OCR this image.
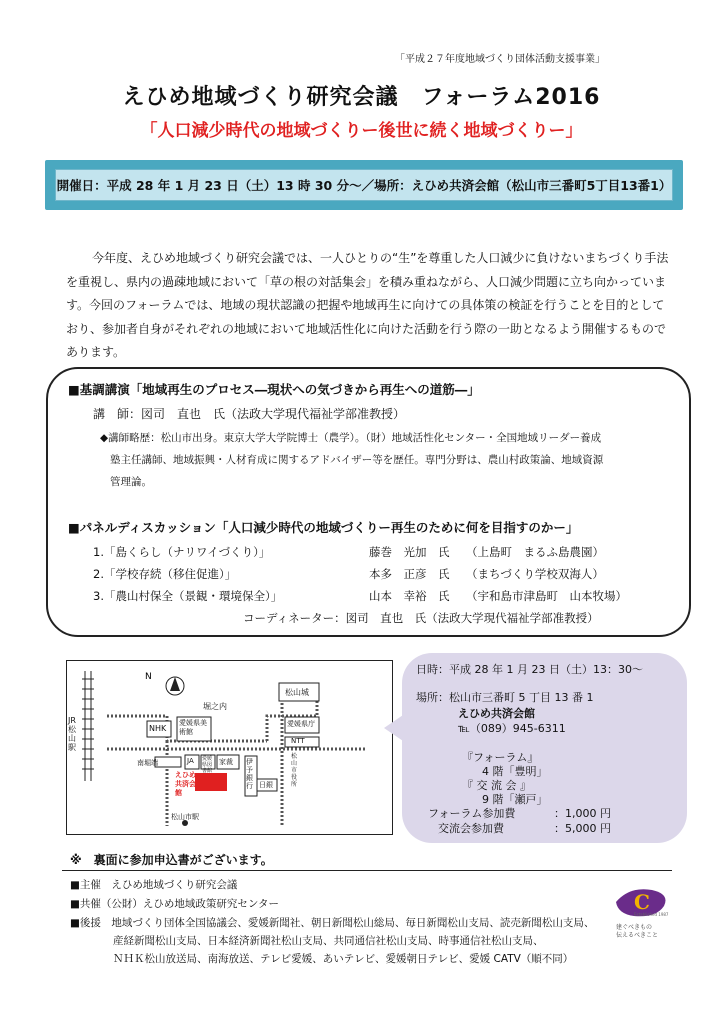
「平成２７年度地域づくり団体活動支援事業」
えひめ地域づくり研究会議　フォーラム2016
「人口減少時代の地域づくりー後世に続く地域づくりー」
開催日：平成 28 年 1 月 23 日（土）13 時 30 分～／場所：えひめ共済会館（松山市三番町5丁目13番1）
今年度、えひめ地域づくり研究会議では、一人ひとりの“生”を尊重した人口減少に負けないまちづくり手法を重視し、県内の過疎地域において「草の根の対話集会」を積み重ねながら、人口減少問題に立ち向かっています。今回のフォーラムでは、地域の現状認識の把握や地域再生に向けての具体策の検証を行うことを目的としており、参加者自身がそれぞれの地域において地域活性化に向けた活動を行う際の一助となるよう開催するものであります。
■基調講演「地域再生のプロセス―現状への気づきから再生への道筋―」
講　師：図司　直也　氏（法政大学現代福祉学部准教授）
◆講師略歴：松山市出身。東京大学大学院博士（農学）。（財）地域活性化センター・全国地域リーダー養成
塾主任講師、地域振興・人材育成に関するアドバイザー等を歴任。専門分野は、農山村政策論、地域資源
管理論。
■パネルディスカッション「人口減少時代の地域づくりー再生のために何を目指すのかー」
1.「島くらし（ナリワイづくり）」	藤巻　光加　氏 （上島町　まるふ島農園）
2.「学校存続（移住促進）」	本多　正彦　氏 （まちづくり学校双海人）
3.「農山村保全（景観・環境保全）」	山本　幸裕　氏 （宇和島市津島町　山本牧場）
コーディネーター：図司　直也　氏（法政大学現代福祉学部准教授）
N
JR松山駅
松山城
堀之内
NHK
愛媛県美術館
愛媛県庁
NTT
南堀端	JA 愛媛県図書館
家裁
えひめ共済会館
伊予銀行 日銀
松山市駅
松山市役所
日時：平成 28 年 1 月 23 日（土）13：30～
場所：松山市三番町 5 丁目 13 番 1
えひめ共済会館
℡（089）945-6311
『フォーラム』
4 階「豊明」
『 交 流 会 』
9 階「瀬戸」
フォーラム参加費	：1,000 円
交流会参加費	：5,000 円
※　裏面に参加申込書がございます。
■主催　えひめ地域づくり研究会議
■共催（公財）えひめ地域政策研究センター
■後援　地域づくり団体全国協議会、愛媛新聞社、朝日新聞松山総局、毎日新聞松山支局、読売新聞松山支局、
産経新聞松山支局、日本経済新聞社松山支局、共同通信社松山支局、時事通信社松山支局、
ＮＨＫ松山放送局、南海放送、テレビ愛媛、あいテレビ、愛媛朝日テレビ、愛媛 CATV（順不同）
C
Established 1987
建ぐべきもの
伝えるべきこと
